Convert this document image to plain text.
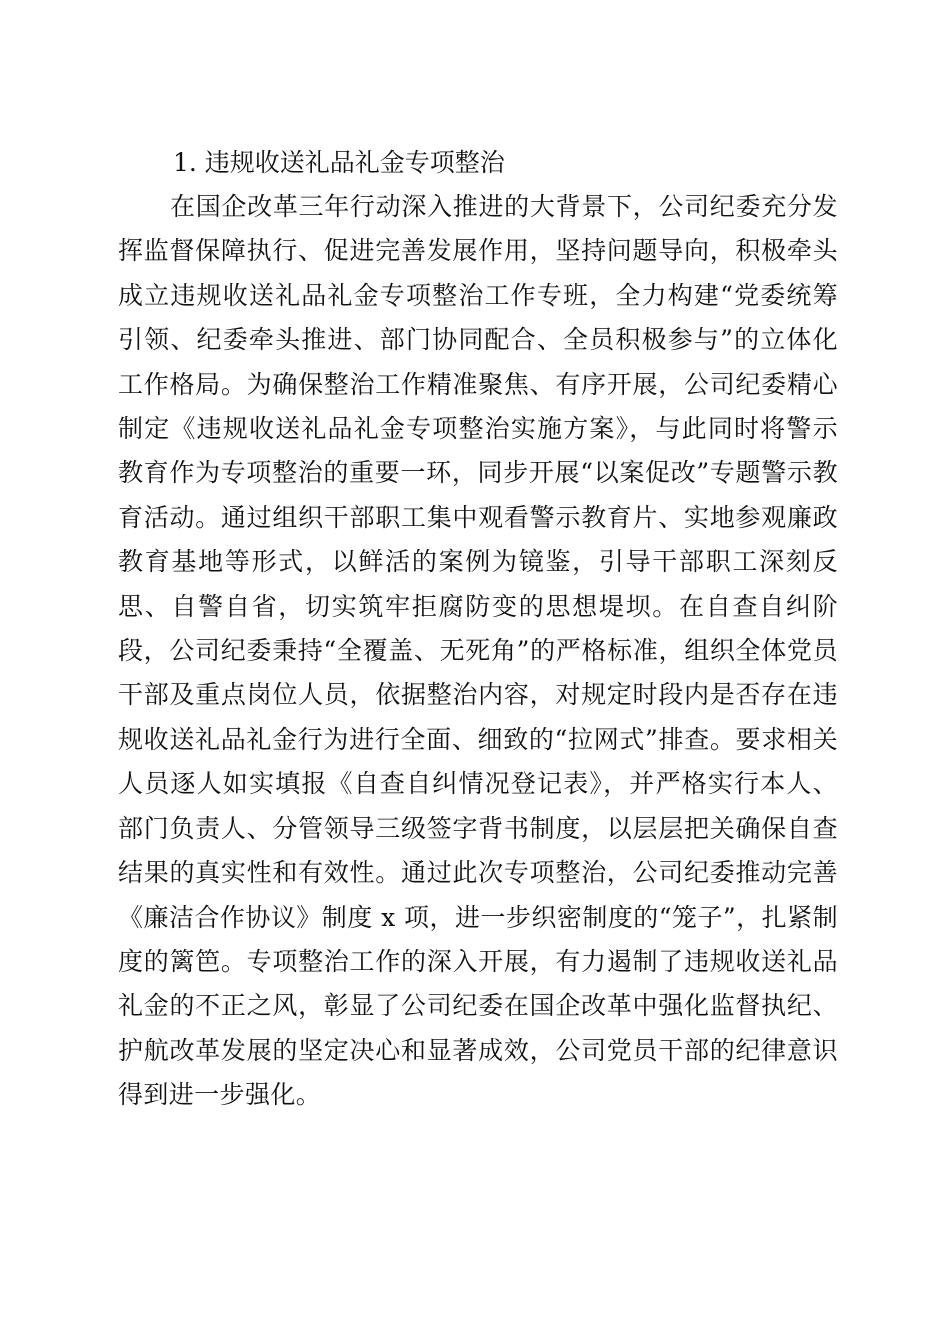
1. 违规收送礼品礼金专项整治

在国企改革三年行动深入推进的大背景下，公司纪委充分发挥监督保障执行、促进完善发展作用，坚持问题导向，积极牵头成立违规收送礼品礼金专项整治工作专班，全力构建“党委统筹引领、纪委牵头推进、部门协同配合、全员积极参与”的立体化工作格局。为确保整治工作精准聚焦、有序开展，公司纪委精心制定《违规收送礼品礼金专项整治实施方案》，与此同时将警示教育作为专项整治的重要一环，同步开展“以案促改”专题警示教育活动。通过组织干部职工集中观看警示教育片、实地参观廉政教育基地等形式，以鲜活的案例为镜鉴，引导干部职工深刻反思、自警自省，切实筑牢拒腐防变的思想堤坝。在自查自纠阶段，公司纪委秉持“全覆盖、无死角”的严格标准，组织全体党员干部及重点岗位人员，依据整治内容，对规定时段内是否存在违规收送礼品礼金行为进行全面、细致的“拉网式”排查。要求相关人员逐人如实填报《自查自纠情况登记表》，并严格实行本人、部门负责人、分管领导三级签字背书制度，以层层把关确保自查结果的真实性和有效性。通过此次专项整治，公司纪委推动完善《廉洁合作协议》制度 x 项，进一步织密制度的“笼子”，扎紧制度的篱笆。专项整治工作的深入开展，有力遏制了违规收送礼品礼金的不正之风，彰显了公司纪委在国企改革中强化监督执纪、护航改革发展的坚定决心和显著成效，公司党员干部的纪律意识得到进一步强化。
